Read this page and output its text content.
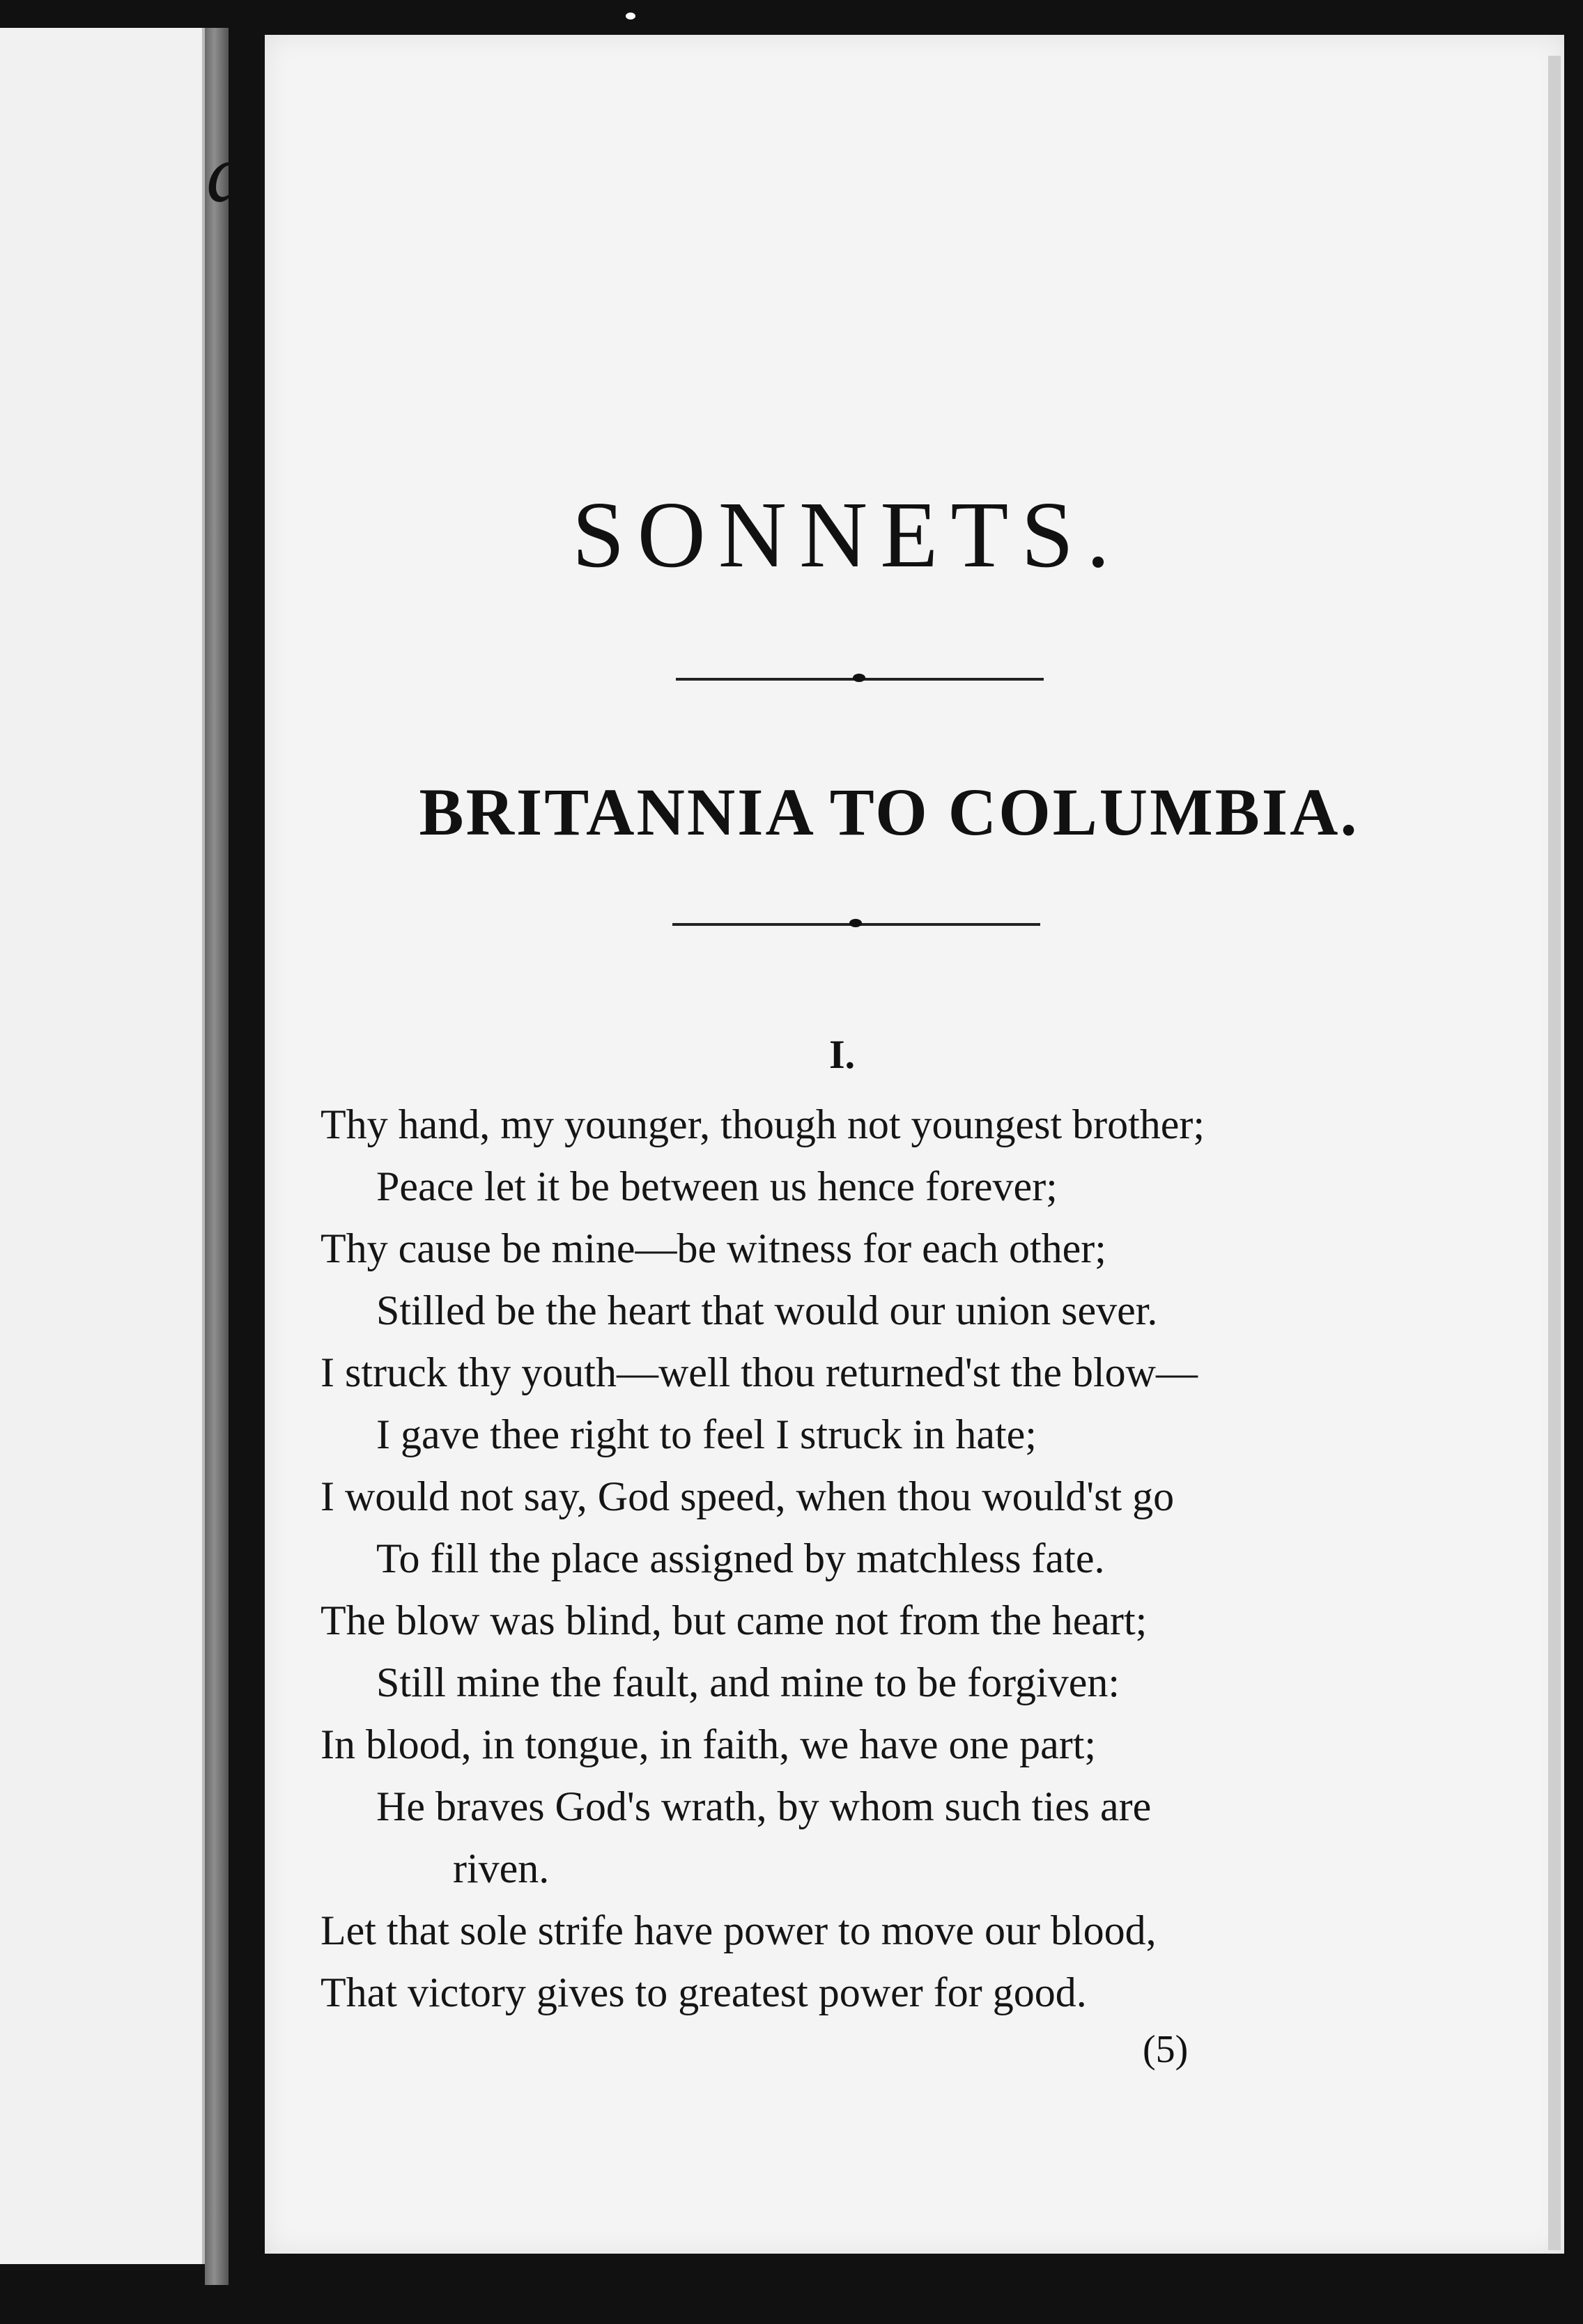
d
SONNETS.
BRITANNIA TO COLUMBIA.
I.
Thy hand, my younger, though not youngest brother;
Peace let it be between us hence forever;
Thy cause be mine—be witness for each other;
Stilled be the heart that would our union sever.
I struck thy youth—well thou returned'st the blow—
I gave thee right to feel I struck in hate;
I would not say, God speed, when thou would'st go
To fill the place assigned by matchless fate.
The blow was blind, but came not from the heart;
Still mine the fault, and mine to be forgiven:
In blood, in tongue, in faith, we have one part;
He braves God's wrath, by whom such ties are
riven.
Let that sole strife have power to move our blood,
That victory gives to greatest power for good.
(5)
